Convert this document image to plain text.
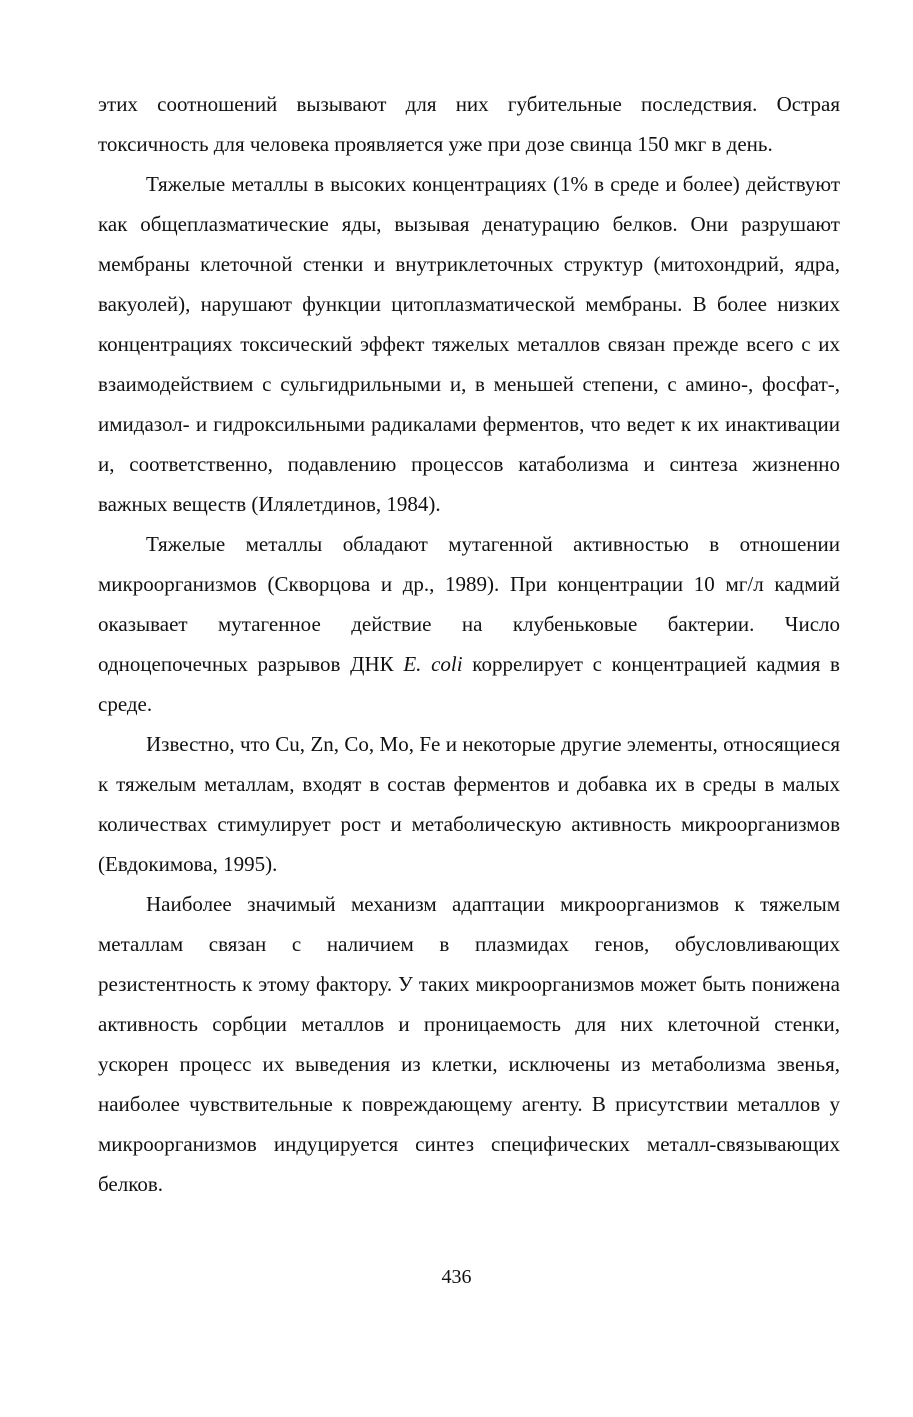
этих соотношений вызывают для них губительные последствия. Острая токсичность для человека проявляется уже при дозе свинца 150 мкг в день.

Тяжелые металлы в высоких концентрациях (1% в среде и более) действуют как общеплазматические яды, вызывая денатурацию белков. Они разрушают мембраны клеточной стенки и внутриклеточных структур (митохондрий, ядра, вакуолей), нарушают функции цитоплазматической мембраны. В более низких концентрациях токсический эффект тяжелых металлов связан прежде всего с их взаимодействием с сульгидрильными и, в меньшей степени, с амино-, фосфат-, имидазол- и гидроксильными радикалами ферментов, что ведет к их инактивации и, соответственно, подавлению процессов катаболизма и синтеза жизненно важных веществ (Илялетдинов, 1984).

Тяжелые металлы обладают мутагенной активностью в отношении микроорганизмов (Скворцова и др., 1989). При концентрации 10 мг/л кадмий оказывает мутагенное действие на клубеньковые бактерии. Число одноцепочечных разрывов ДНК E. coli коррелирует с концентрацией кадмия в среде.

Известно, что Cu, Zn, Co, Mo, Fe и некоторые другие элементы, относящиеся к тяжелым металлам, входят в состав ферментов и добавка их в среды в малых количествах стимулирует рост и метаболическую активность микроорганизмов (Евдокимова, 1995).

Наиболее значимый механизм адаптации микроорганизмов к тяжелым металлам связан с наличием в плазмидах генов, обусловливающих резистентность к этому фактору. У таких микроорганизмов может быть понижена активность сорбции металлов и проницаемость для них клеточной стенки, ускорен процесс их выведения из клетки, исключены из метаболизма звенья, наиболее чувствительные к повреждающему агенту. В присутствии металлов у микроорганизмов индуцируется синтез специфических металл-связывающих белков.

436
